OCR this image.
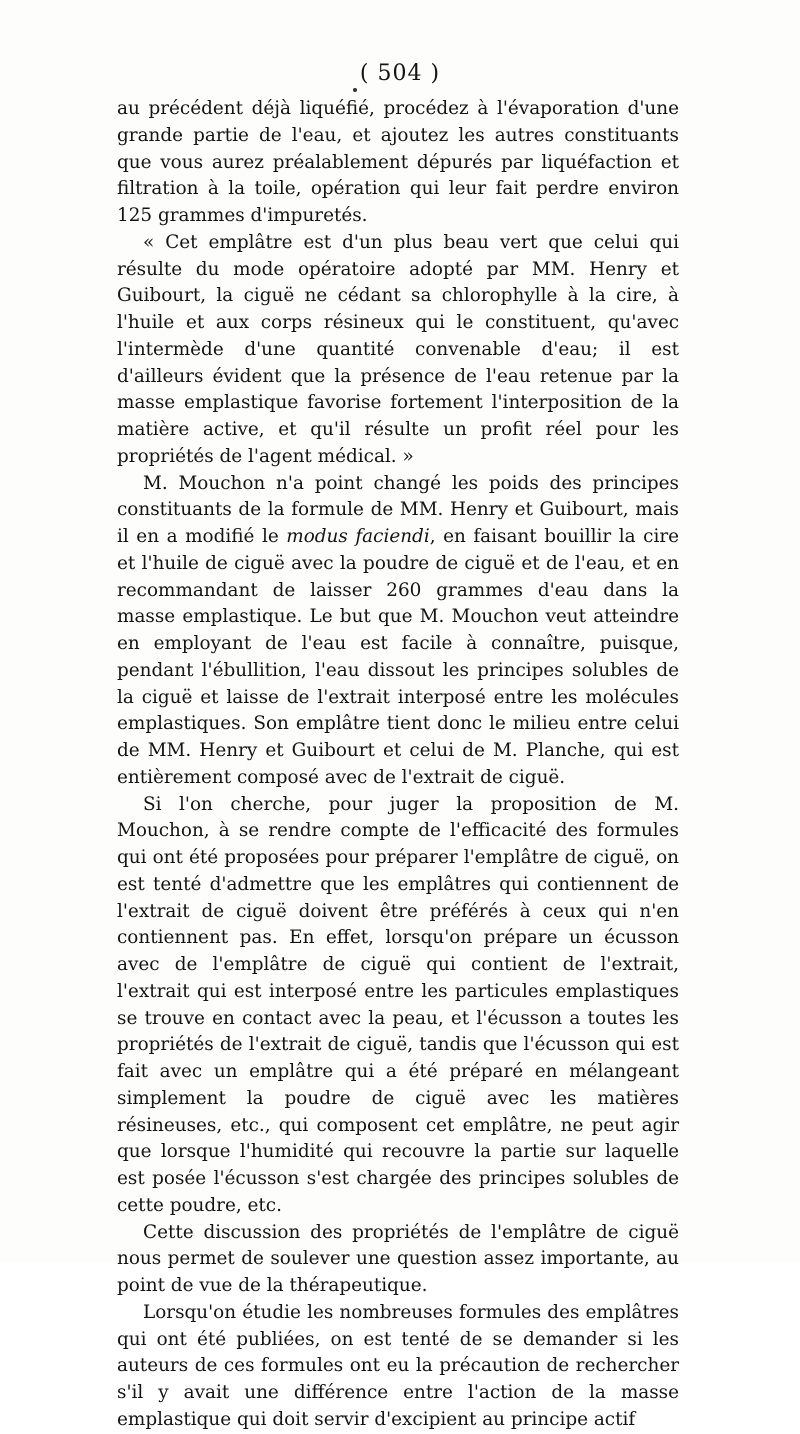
( 504 )

au précédent déjà liquéfié, procédez à l'évaporation d'une grande partie de l'eau, et ajoutez les autres constituants que vous aurez préalablement dépurés par liquéfaction et filtration à la toile, opération qui leur fait perdre environ 125 grammes d'impuretés.

« Cet emplâtre est d'un plus beau vert que celui qui résulte du mode opératoire adopté par MM. Henry et Guibourt, la ciguë ne cédant sa chlorophylle à la cire, à l'huile et aux corps résineux qui le constituent, qu'avec l'intermède d'une quantité convenable d'eau; il est d'ailleurs évident que la présence de l'eau retenue par la masse emplastique favorise fortement l'interposition de la matière active, et qu'il résulte un profit réel pour les propriétés de l'agent médical. »

M. Mouchon n'a point changé les poids des principes constituants de la formule de MM. Henry et Guibourt, mais il en a modifié le modus faciendi, en faisant bouillir la cire et l'huile de ciguë avec la poudre de ciguë et de l'eau, et en recommandant de laisser 260 grammes d'eau dans la masse emplastique. Le but que M. Mouchon veut atteindre en employant de l'eau est facile à connaître, puisque, pendant l'ébullition, l'eau dissout les principes solubles de la ciguë et laisse de l'extrait interposé entre les molécules emplastiques. Son emplâtre tient donc le milieu entre celui de MM. Henry et Guibourt et celui de M. Planche, qui est entièrement composé avec de l'extrait de ciguë.

Si l'on cherche, pour juger la proposition de M. Mouchon, à se rendre compte de l'efficacité des formules qui ont été proposées pour préparer l'emplâtre de ciguë, on est tenté d'admettre que les emplâtres qui contiennent de l'extrait de ciguë doivent être préférés à ceux qui n'en contiennent pas. En effet, lorsqu'on prépare un écusson avec de l'emplâtre de ciguë qui contient de l'extrait, l'extrait qui est interposé entre les particules emplastiques se trouve en contact avec la peau, et l'écusson a toutes les propriétés de l'extrait de ciguë, tandis que l'écusson qui est fait avec un emplâtre qui a été préparé en mélangeant simplement la poudre de ciguë avec les matières résineuses, etc., qui composent cet emplâtre, ne peut agir que lorsque l'humidité qui recouvre la partie sur laquelle est posée l'écusson s'est chargée des principes solubles de cette poudre, etc.

Cette discussion des propriétés de l'emplâtre de ciguë nous permet de soulever une question assez importante, au point de vue de la thérapeutique.

Lorsqu'on étudie les nombreuses formules des emplâtres qui ont été publiées, on est tenté de se demander si les auteurs de ces formules ont eu la précaution de rechercher s'il y avait une différence entre l'action de la masse emplastique qui doit servir d'excipient au principe actif
